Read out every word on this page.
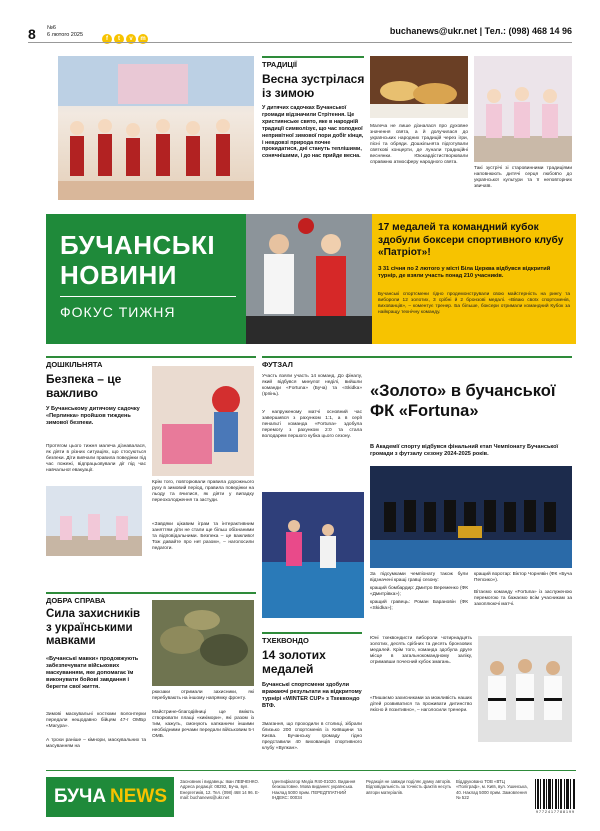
8 №6
6 лютого 2025
f t v m
buchanews@ukr.net | Тел.: (098) 468 14 96
ТРАДИЦІЇ
Весна зустрілася із зимою
У дитячих садочках Бучанської громади відзначили Стрітення. Це християнське свято, яке в народній традиції символізує, що час холодної непривітної зимової пори добіг кінця, і невдовзі природа почне прокидатися, дні стануть теплішими, сонячнішими, і до нас прийде весна.
Малеча не лише дізналася про духовне значення свята, а й долучилася до українських народних традицій через ігри, пісні та обряди. Дошкільнята підготували святкові концерти, де лунали традиційні веснянки. Ююкардістистворювали справжню атмосферу народного свята.
Такі зустрічі зі старовинними традиціями наповнюють дитячі серця любов'ю до української культури та її неповторних звичаїв.
БУЧАНСЬКІ
НОВИНИ
ФОКУС ТИЖНЯ
17 медалей та командний кубок здобули боксери спортивного клубу «Патріот»!
З 31 січня по 2 лютого у місті Біла Церква відбувся відкритий турнір, де взяли участь понад 210 учасників.
Бучанські спортсмени гідно продемонстрували свою майстерність на рингу та вибороли 12 золотих, 3 срібні й 2 бронзові медалі. «Віваю своїх спортсменів, вихованців», – коментує тренер. Ба більше, боксери отримали командний Кубок за найкращу технічну команду.
ДОШКІЛЬНЯТА
Безпека – це важливо
У Бучанському дитячому садочку «Перлинка» пройшов тиждень зимової безпеки.
Протягом цього тижня малеча дізнавалася, як діяти в різних ситуаціях, що стосуються безпеки. Діти вивчали правила поведінки під час пожежі, відпрацьовували дії під час навчальної евакуації.
Крім того, повторювали правила дорожнього руху в зимовий період, правила поведінки на льоду та вчилися, як діяти у випадку переохолодження та застуди.
«Завдяки цікавим іграм та інтерактивним заняттям діти не стали ще більш обізнаними та відповідальними. Безпека – це важливо! Тож давайте про неї разом», – наголосили педагоги.
ДОБРА СПРАВА
Сила захисників з українськими мавками
«Бучанські мавки» продовжують забезпечувати військових маскуванням, яке допомагає їм виконувати бойові завдання і берегти свої життя.
Зимові маскувальні костюми волонтерки передали нещодавно бійцям 47-ї ОМБр «Магура».
А трохи раніше – кімнори, маскувальних та масуванням на
рюкзаки отримали захисники, які перебувають на іншому напрямку фронту.
Майстрине-благодійниці ще вміють створювати плащі «кикімори», які разом із тим, кажуть, смонують капканичи іншими необхідними речами передали військовим 5-ї ОМБ.
ФУТЗАЛ
Участь взяли участь 14 команд. До фіналу, який відбувся минулої неділі, вийшли команди «Fortuna» (Буча) та «Skidka» (Ірпінь).
У напруженому матчі основний час завершився з рахунком 1:1, а в серії пенальті команда «Fortuna» здобула перемогу з рахунком 2:0 та стала володарем першого кубка цього сезону.
«Золото» в бучанської ФК «Fortuna»
В Академії спорту відбувся фінальний етап Чемпіонату Бучанської громади з футзалу сезону 2024-2025 років.
За підсумками чемпіонату також були відзначені кращі гравці сезону:
кращий бомбардир: Дмитро Веременко (ФК «Дмитрівка»);
кращий гравець: Роман Барановін (ФК «Skidka»);
кращий воротар: Віктор Чорнявін (ФК «Буча Пепсико»).
Вітаємо команду «Fortuna» із заслуженою перемогою та бажаємо всім учасникам за захоплюючі матчі.
ТХЕКВОНДО
14 золотих медалей
Бучанські спортсмени здобули вражаючі результати на відкритому турнірі «WINTER CUP» з Тхеквондо ВТФ.
Змагання, що проходили в столиці, зібрали близько 200 спортсменів із Київщини та Києва. Бучанську громаду гідно представили 40 вихованців спортивного клубу «Вулкан».
Юні тхеквондисти вибороли чотирнадцять золотих, десять срібних та десять бронзових медалей. Крім того, команда здобула друге місце в загальнокомандному заліку, отримавши почесний кубок змагань.
«Пишаємо захисниками за можливість наших дітей розвиватися та проживати дитинство якісно й позитивно», – наголосили тренери.
БУЧА NEWS
Засновник і видавець: Іван ЛЕВЧЕНКО. Адреса редакції: 08292, Буча, вул. Енергетиків, 12. Тел. (098) 468 14 96. E-mail: buchanews@ukr.net
Ідентифікатор Медіа R40-01020. Видання безкоштовне. Мова видання: українська. Наклад 5000 прим. ПЕРЕДПЛАТНИЙ ІНДЕКС: 00034
Редакція не завжди поділяє думку авторів. Відповідальність за точність фактів несуть автори матеріалів.
Віддруковано ТОВ «ВТЦ «Поліграф», м. Київ, вул. Ушинська, 40. Наклад 5000 прим. Замовлення № 522
9 7 7 2 4 1 7 7 8 8 1 9 9
